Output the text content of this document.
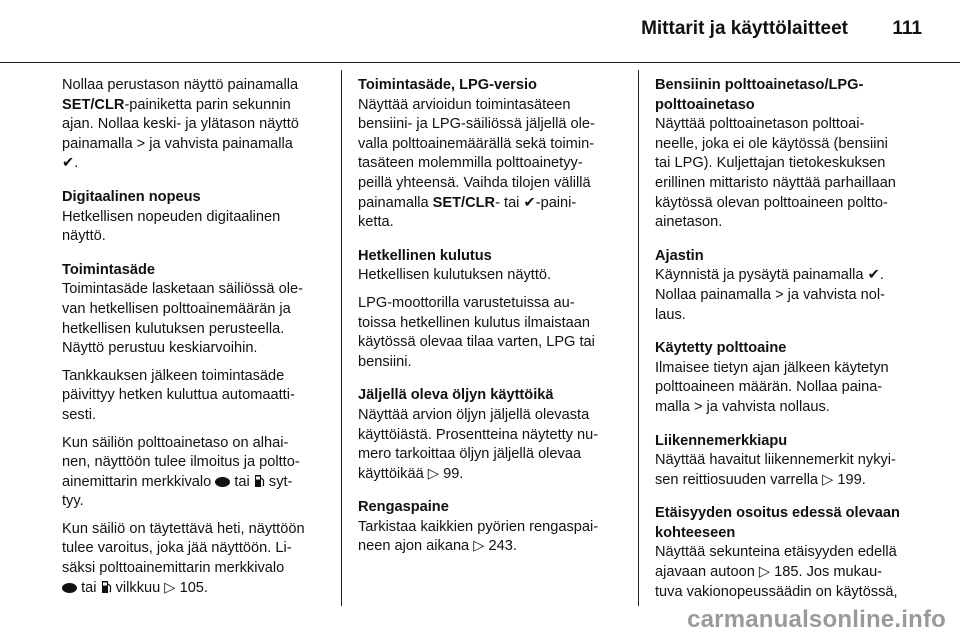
Mittarit ja käyttölaitteet 111
Nollaa perustason näyttö painamalla
SET/CLR-painiketta parin sekunnin
ajan. Nollaa keski- ja ylätason näyttö
painamalla > ja vahvista painamalla
✔.
Digitaalinen nopeus
Hetkellisen nopeuden digitaalinen
näyttö.
Toimintasäde
Toimintasäde lasketaan säiliössä ole-
van hetkellisen polttoainemäärän ja
hetkellisen kulutuksen perusteella.
Näyttö perustuu keskiarvoihin.
Tankkauksen jälkeen toimintasäde
päivittyy hetken kuluttua automaatti-
sesti.
Kun säiliön polttoainetaso on alhai-
nen, näyttöön tulee ilmoitus ja poltto-
ainemittarin merkkivalo tai syt-
tyy.
Kun säiliö on täytettävä heti, näyttöön
tulee varoitus, joka jää näyttöön. Li-
säksi polttoainemittarin merkkivalo
tai vilkkuu ▷ 105.
Toimintasäde, LPG-versio
Näyttää arvioidun toimintasäteen
bensiini- ja LPG-säiliössä jäljellä ole-
valla polttoainemäärällä sekä toimin-
tasäteen molemmilla polttoainetyy-
peillä yhteensä. Vaihda tilojen välillä
painamalla SET/CLR- tai ✔-paini-
ketta.
Hetkellinen kulutus
Hetkellisen kulutuksen näyttö.
LPG-moottorilla varustetuissa au-
toissa hetkellinen kulutus ilmaistaan
käytössä olevaa tilaa varten, LPG tai
bensiini.
Jäljellä oleva öljyn käyttöikä
Näyttää arvion öljyn jäljellä olevasta
käyttöiästä. Prosentteina näytetty nu-
mero tarkoittaa öljyn jäljellä olevaa
käyttöikää ▷ 99.
Rengaspaine
Tarkistaa kaikkien pyörien rengaspai-
neen ajon aikana ▷ 243.
Bensiinin polttoainetaso/LPG-
polttoainetaso
Näyttää polttoainetason polttoai-
neelle, joka ei ole käytössä (bensiini
tai LPG). Kuljettajan tietokeskuksen
erillinen mittaristo näyttää parhaillaan
käytössä olevan polttoaineen poltto-
ainetason.
Ajastin
Käynnistä ja pysäytä painamalla ✔.
Nollaa painamalla > ja vahvista nol-
laus.
Käytetty polttoaine
Ilmaisee tietyn ajan jälkeen käytetyn
polttoaineen määrän. Nollaa paina-
malla > ja vahvista nollaus.
Liikennemerkkiapu
Näyttää havaitut liikennemerkit nykyi-
sen reittiosuuden varrella ▷ 199.
Etäisyyden osoitus edessä olevaan
kohteeseen
Näyttää sekunteina etäisyyden edellä
ajavaan autoon ▷ 185. Jos mukau-
tuva vakionopeussäädin on käytössä,
carmanualsonline.info
